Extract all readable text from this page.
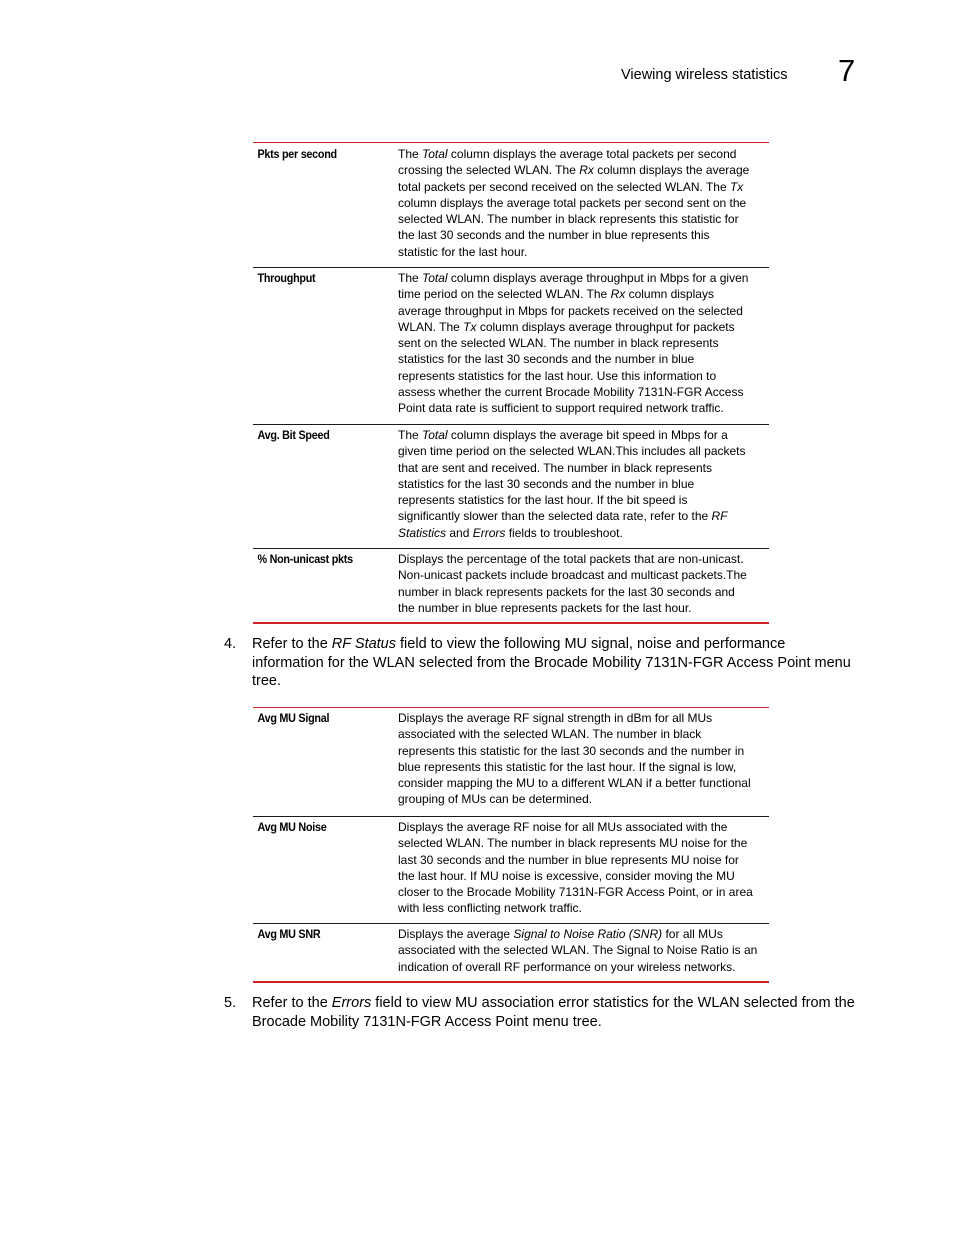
Viewing wireless statistics 7
Pkts per second	The Total column displays the average total packets per second
crossing the selected WLAN. The Rx column displays the average
total packets per second received on the selected WLAN. The Tx
column displays the average total packets per second sent on the
selected WLAN. The number in black represents this statistic for
the last 30 seconds and the number in blue represents this
statistic for the last hour.
Throughput	The Total column displays average throughput in Mbps for a given
time period on the selected WLAN. The Rx column displays
average throughput in Mbps for packets received on the selected
WLAN. The Tx column displays average throughput for packets
sent on the selected WLAN. The number in black represents
statistics for the last 30 seconds and the number in blue
represents statistics for the last hour. Use this information to
assess whether the current Brocade Mobility 7131N-FGR Access
Point data rate is sufficient to support required network traffic.
Avg. Bit Speed	The Total column displays the average bit speed in Mbps for a
given time period on the selected WLAN.This includes all packets
that are sent and received. The number in black represents
statistics for the last 30 seconds and the number in blue
represents statistics for the last hour. If the bit speed is
significantly slower than the selected data rate, refer to the RF
Statistics and Errors fields to troubleshoot.
% Non-unicast pkts	Displays the percentage of the total packets that are non-unicast.
Non-unicast packets include broadcast and multicast packets.The
number in black represents packets for the last 30 seconds and
the number in blue represents packets for the last hour.
4. Refer to the RF Status field to view the following MU signal, noise and performance
information for the WLAN selected from the Brocade Mobility 7131N-FGR Access Point menu
tree.
Avg MU Signal	Displays the average RF signal strength in dBm for all MUs
associated with the selected WLAN. The number in black
represents this statistic for the last 30 seconds and the number in
blue represents this statistic for the last hour. If the signal is low,
consider mapping the MU to a different WLAN if a better functional
grouping of MUs can be determined.
Avg MU Noise	Displays the average RF noise for all MUs associated with the
selected WLAN. The number in black represents MU noise for the
last 30 seconds and the number in blue represents MU noise for
the last hour. If MU noise is excessive, consider moving the MU
closer to the Brocade Mobility 7131N-FGR Access Point, or in area
with less conflicting network traffic.
Avg MU SNR	Displays the average Signal to Noise Ratio (SNR) for all MUs
associated with the selected WLAN. The Signal to Noise Ratio is an
indication of overall RF performance on your wireless networks.
5. Refer to the Errors field to view MU association error statistics for the WLAN selected from the
Brocade Mobility 7131N-FGR Access Point menu tree.
